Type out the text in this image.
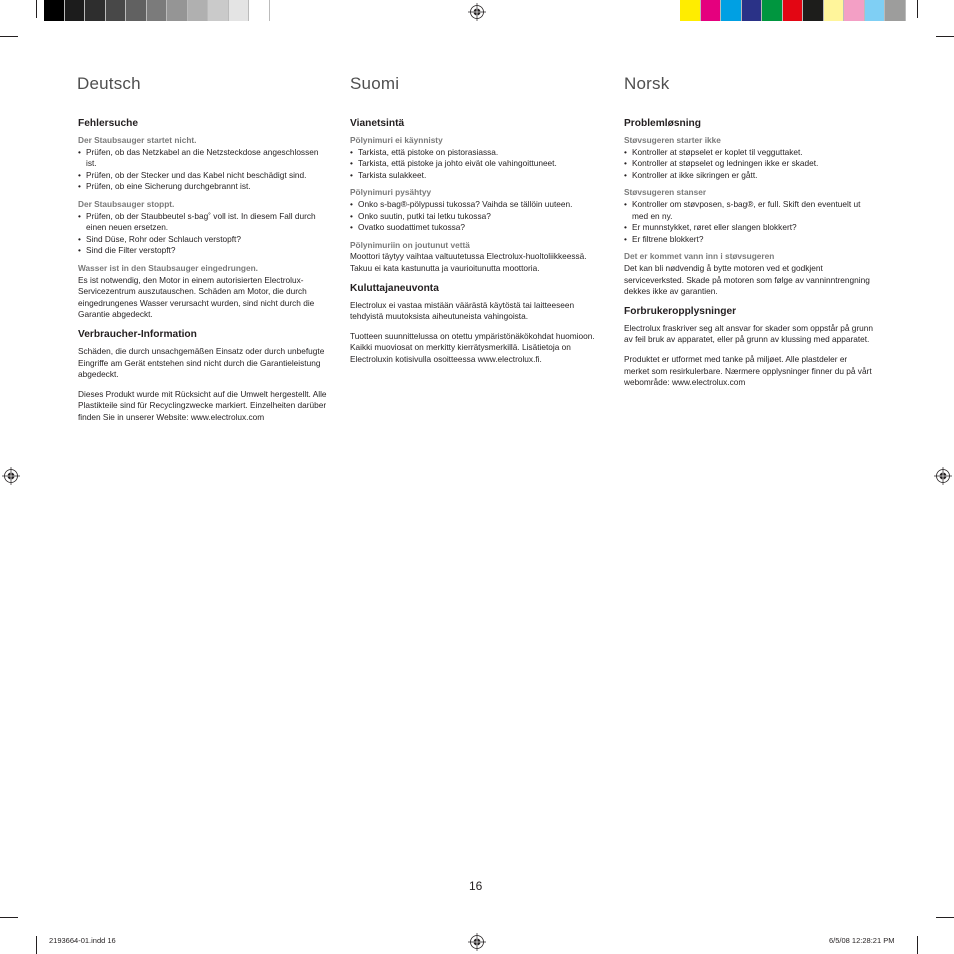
Deutsch
Fehlersuche
Der Staubsauger startet nicht.
• Prüfen, ob das Netzkabel an die Netzsteckdose angeschlossen ist.
• Prüfen, ob der Stecker und das Kabel nicht beschädigt sind.
• Prüfen, ob eine Sicherung durchgebrannt ist.
Der Staubsauger stoppt.
• Prüfen, ob der Staubbeutel s-bag˚ voll ist. In diesem Fall durch einen neuen ersetzen.
• Sind Düse, Rohr oder Schlauch verstopft?
• Sind die Filter verstopft?
Wasser ist in den Staubsauger eingedrungen.

Es ist notwendig, den Motor in einem autorisierten Electrolux-Servicezentrum auszutauschen. Schäden am Motor, die durch eingedrungenes Wasser verursacht wurden, sind nicht durch die Garantie abgedeckt.

Verbraucher-Information

Schäden, die durch unsachgemäßen Einsatz oder durch unbefugte Eingriffe am Gerät entstehen sind nicht durch die Garantieleistung abgedeckt.

Dieses Produkt wurde mit Rücksicht auf die Umwelt hergestellt. Alle Plastikteile sind für Recyclingzwecke markiert. Einzelheiten darüber finden Sie in unserer Website: www.electrolux.com

Suomi
Vianetsintä
Pölynimuri ei käynnisty
• Tarkista, että pistoke on pistorasiassa.
• Tarkista, että pistoke ja johto eivät ole vahingoittuneet.
• Tarkista sulakkeet.
Pölynimuri pysähtyy
• Onko s-bag®-pölypussi tukossa? Vaihda se tällöin uuteen.
• Onko suutin, putki tai letku tukossa?
• Ovatko suodattimet tukossa?
Pölynimuriin on joutunut vettä

Moottori täytyy vaihtaa valtuutetussa Electrolux-huoltoliikkeessä. Takuu ei kata kastunutta ja vaurioitunutta moottoria.

Kuluttajaneuvonta

Electrolux ei vastaa mistään väärästä käytöstä tai laitteeseen tehdyistä muutoksista aiheutuneista vahingoista.

Tuotteen suunnittelussa on otettu ympäristönäkökohdat huomioon. Kaikki muoviosat on merkitty kierrätysmerkillä. Lisätietoja on Electroluxin kotisivulla osoitteessa www.electrolux.fi.

Norsk
Problemløsning
Støvsugeren starter ikke
• Kontroller at støpselet er koplet til vegguttaket.
• Kontroller at støpselet og ledningen ikke er skadet.
• Kontroller at ikke sikringen er gått.
Støvsugeren stanser
• Kontroller om støvposen, s-bag®, er full. Skift den eventuelt ut med en ny.
• Er munnstykket, røret eller slangen blokkert?
• Er filtrene blokkert?
Det er kommet vann inn i støvsugeren

Det kan bli nødvendig å bytte motoren ved et godkjent serviceverksted. Skade på motoren som følge av vanninntrengning dekkes ikke av garantien.

Forbrukeropplysninger

Electrolux fraskriver seg alt ansvar for skader som oppstår på grunn av feil bruk av apparatet, eller på grunn av klussing med apparatet.

Produktet er utformet med tanke på miljøet. Alle plastdeler er merket som resirkulerbare. Nærmere opplysninger finner du på vårt webområde: www.electrolux.com

16
2193664-01.indd 16	6/5/08 12:28:21 PM
